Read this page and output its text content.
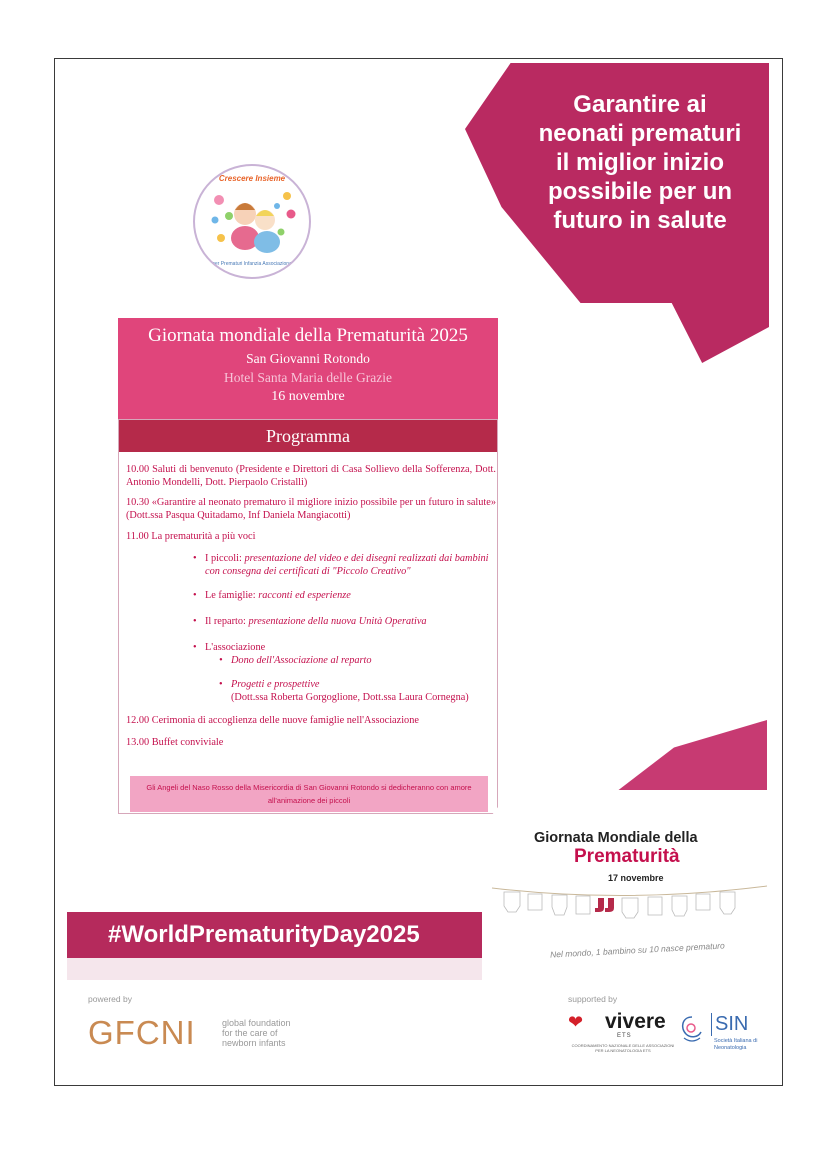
Garantire ai
neonati prematuri
il miglior inizio
possibile per un
futuro in salute
Crescere Insieme
per Prematuri Infanzia Associazione
Giornata mondiale della Prematurità 2025
San Giovanni Rotondo
Hotel Santa Maria delle Grazie
16 novembre
Programma
10.00 Saluti di benvenuto (Presidente e Direttori di Casa Sollievo della Sofferenza, Dott. Antonio Mondelli, Dott. Pierpaolo Cristalli)
10.30 «Garantire al neonato prematuro il migliore inizio possibile per un futuro in salute» (Dott.ssa Pasqua Quitadamo, Inf Daniela Mangiacotti)
11.00 La prematurità a più voci
• I piccoli: presentazione del video e dei disegni realizzati dai bambini con consegna dei certificati di "Piccolo Creativo"
• Le famiglie: racconti ed esperienze
• Il reparto: presentazione della nuova Unità Operativa
• L'associazione
• Dono dell'Associazione al reparto
• Progetti e prospettive
(Dott.ssa Roberta Gorgoglione, Dott.ssa Laura Cornegna)
12.00 Cerimonia di accoglienza delle nuove famiglie nell'Associazione
13.00 Buffet conviviale
Gli Angeli del Naso Rosso della Misericordia di San Giovanni Rotondo si dedicheranno con amore all'animazione dei piccoli
Giornata Mondiale della
Prematurità
17 novembre
Nel mondo, 1 bambino su 10 nasce prematuro
#WorldPrematurityDay2025
powered by
GFCNI	global foundation for the care of newborn infants
supported by
❤ vivere
ETS
COORDINAMENTO NAZIONALE DELLE ASSOCIAZIONI PER LA NEONATOLOGIA ETS
SIN
Società Italiana di Neonatologia
